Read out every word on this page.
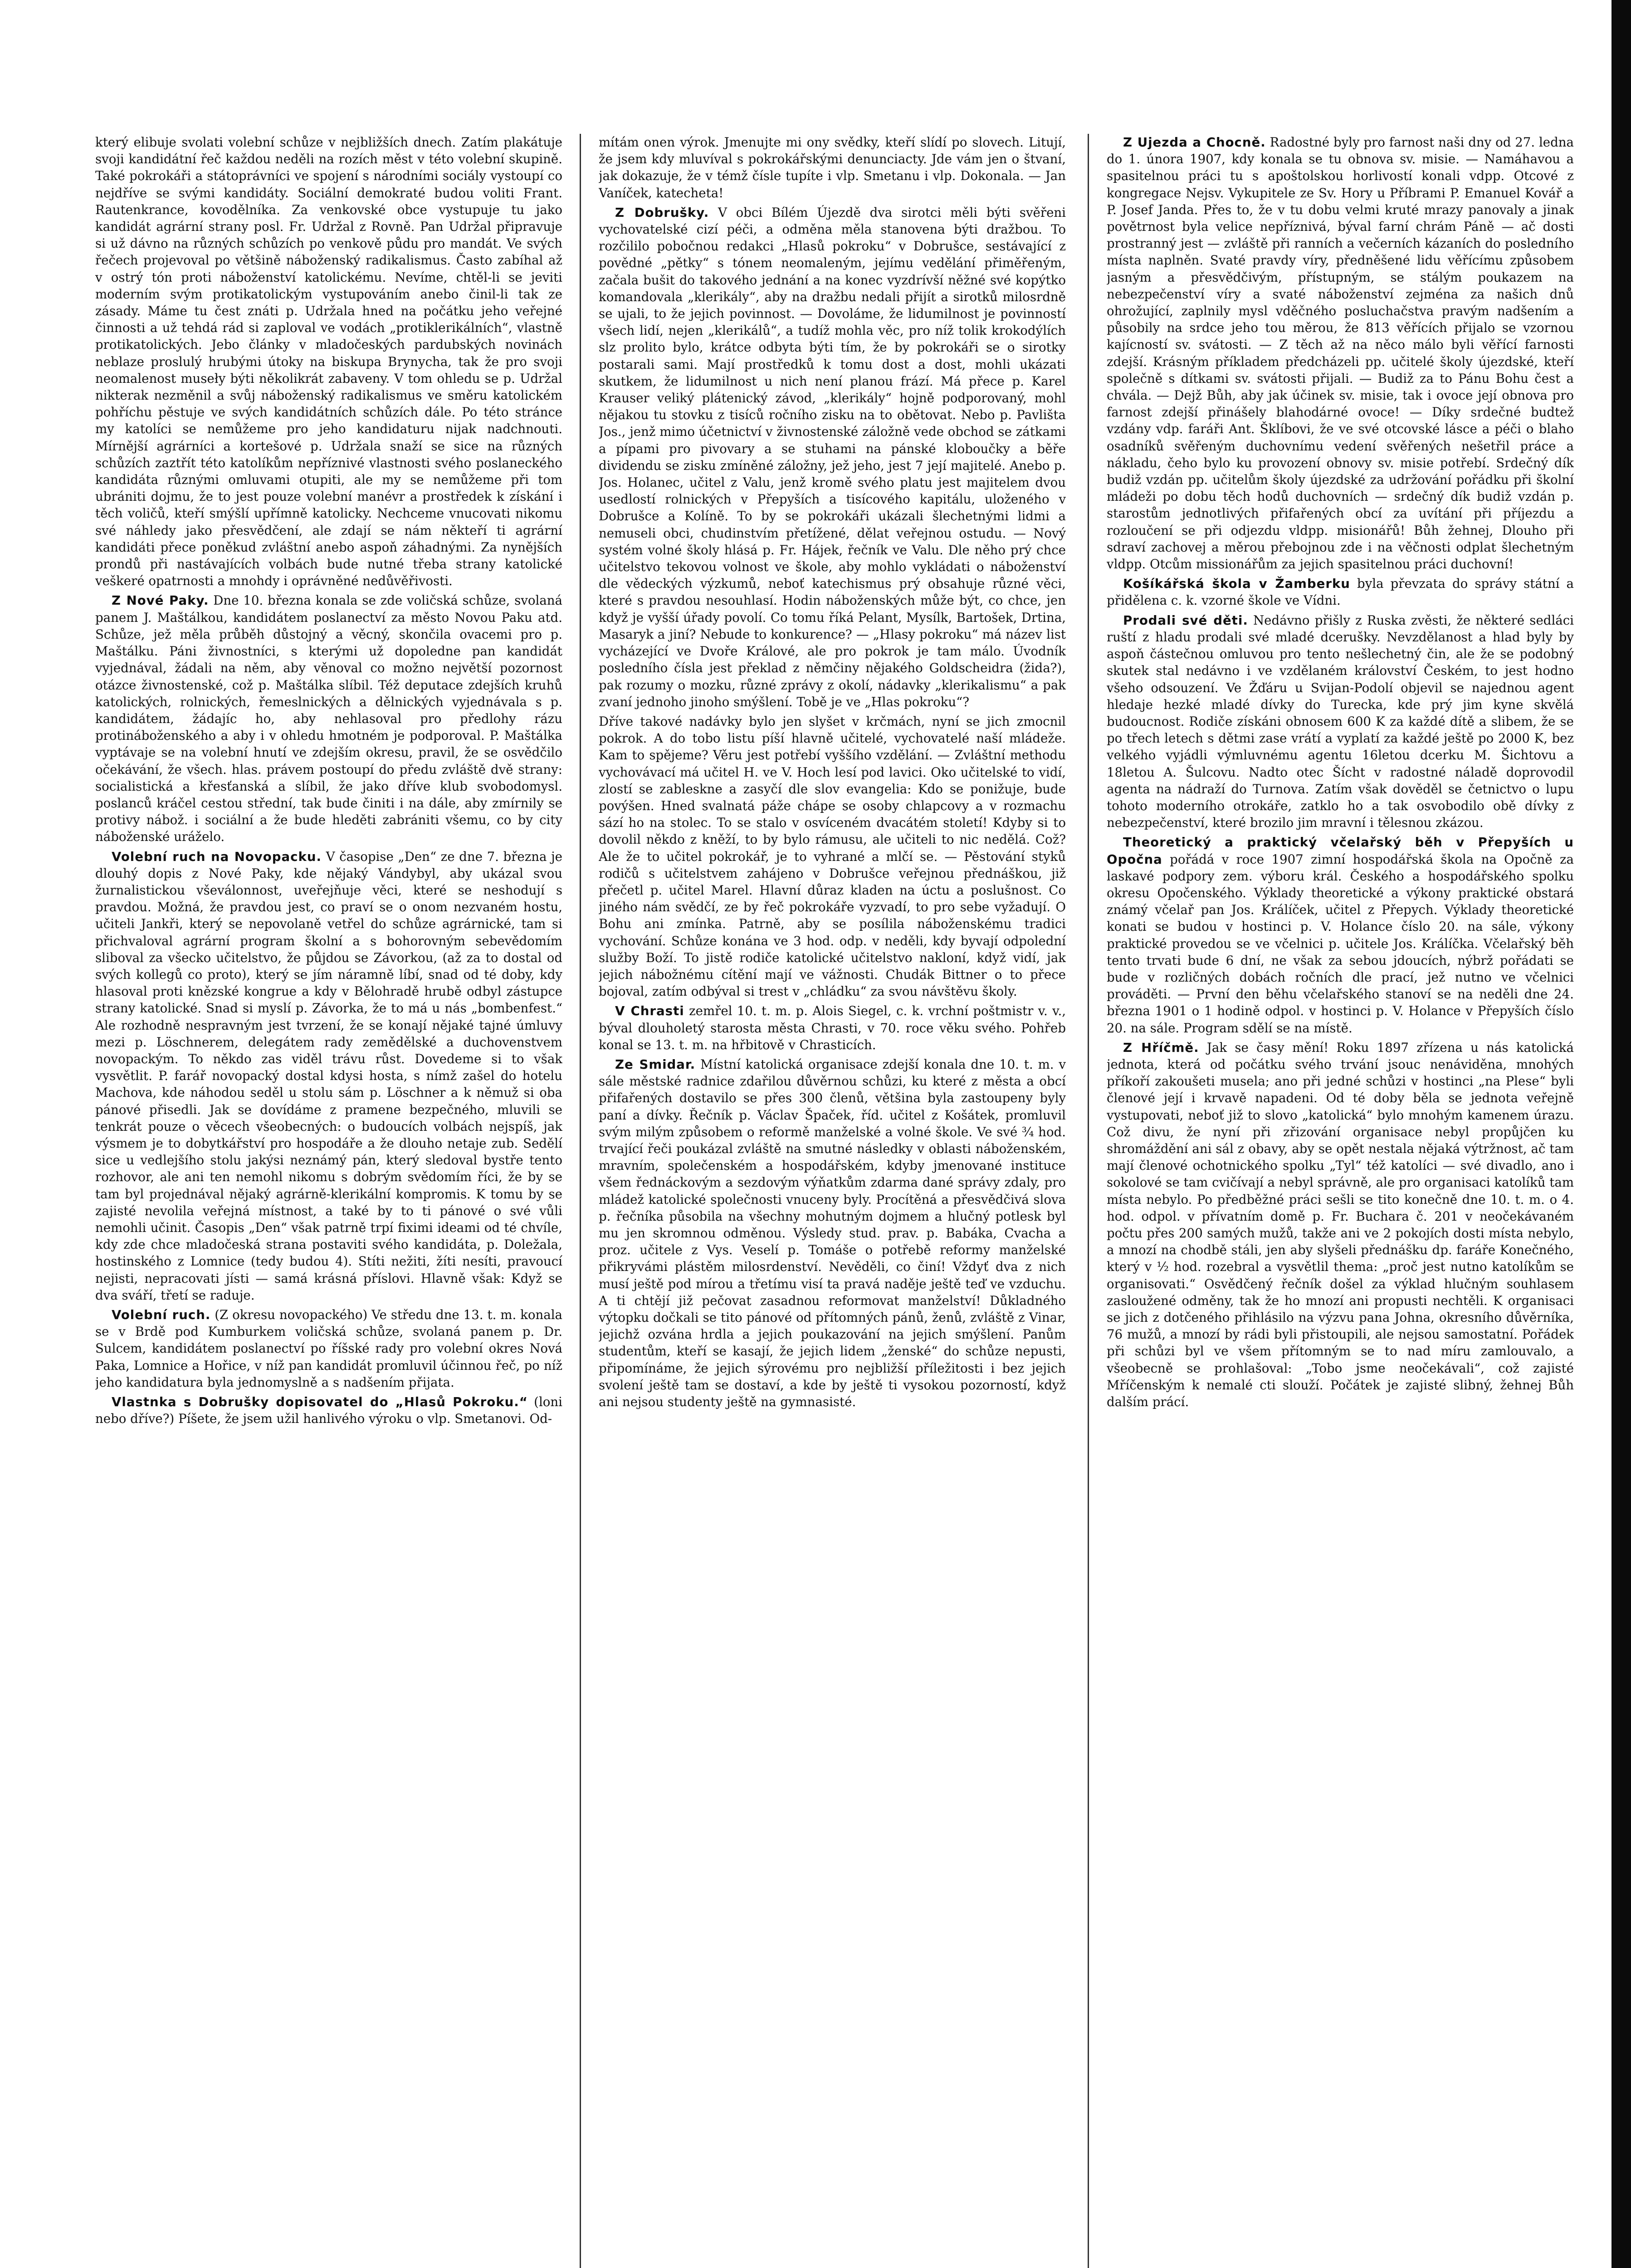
který elibuje svolati volební schůze v nejbližších dnech. Zatím plakátuje svoji kandidátní řeč každou neděli na rozích měst v této volební skupině. Také pokrokáři a státoprávníci ve spojení s národními sociály vystoupí co nejdříve se svými kandidáty. Sociální demokraté budou voliti Frant. Rautenkrance, kovodělníka. Za venkovské obce vystupuje tu jako kandidát agrární strany posl. Fr. Udržal z Rovně. Pan Udržal připravuje si už dávno na různých schůzích po venkově půdu pro mandát. Ve svých řečech projevoval po většině náboženský radikalismus. Často zabíhal až v ostrý tón proti náboženství katolickému. Nevíme, chtěl-li se jeviti moderním svým protikatolickým vystupováním anebo činil-li tak ze zásady. Máme tu čest znáti p. Udržala hned na počátku jeho veřejné činnosti a už tehdá rád si zaploval ve vodách „protiklerikálních“, vlastně protikatolických. Jebo články v mladočeských pardubských novinách neblaze proslulý hrubými útoky na biskupa Brynycha, tak že pro svoji neomalenost museły býti několikrát zabaveny. V tom ohledu se p. Udržal nikterak nezměnil a svůj náboženský radikalismus ve směru katolickém pohříchu pěstuje ve svých kandidátních schůzích dále. Po této stránce my katolíci se nemůžeme pro jeho kandidaturu nijak nadchnouti. Mírnější agrárníci a kortešové p. Udržala snaží se sice na různých schůzích zaztřít této katolíkům nepříznivé vlastnosti svého poslaneckého kandidáta různými omluvami otupiti, ale my se nemůžeme při tom ubrániti dojmu, že to jest pouze volební manévr a prostředek k získání i těch voličů, kteří smýšlí upřímně katolicky. Nechceme vnucovati nikomu své náhledy jako přesvědčení, ale zdají se nám někteří ti agrární kandidáti přece poněkud zvláštní anebo aspoň záhadnými. Za nynějších prondů při nastávajících volbách bude nutné třeba strany katolické veškeré opatrnosti a mnohdy i oprávněné nedůvěřivosti.

Z Nové Paky. Dne 10. března konala se zde voličská schůze, svolaná panem J. Maštálkou, kandidátem poslanectví za město Novou Paku atd. Schůze, jež měla průběh důstojný a věcný, skončila ovacemi pro p. Maštálku. Páni živnostníci, s kterými už dopoledne pan kandidát vyjednával, žádali na něm, aby věnoval co možno největší pozornost otázce živnostenské, což p. Maštálka slíbil. Též deputace zdejších kruhů katolických, rolnických, řemeslnických a dělnických vyjednávala s p. kandidátem, žádajíc ho, aby nehlasoval pro předlohy rázu protináboženského a aby i v ohledu hmotném je podporoval. P. Maštálka vyptávaje se na volební hnutí ve zdejším okresu, pravil, že se osvědčilo očekávání, že všech. hlas. právem postoupí do předu zvláště dvě strany: socialistická a křesťanská a slíbil, že jako dříve klub svobodomysl. poslanců kráčel cestou střední, tak bude činiti i na dále, aby zmírnily se protivy nábož. i sociální a že bude hleděti zabrániti všemu, co by city náboženské uráželo.

Volební ruch na Novopacku. V časopise „Den“ ze dne 7. března je dlouhý dopis z Nové Paky, kde nějaký Vándybyl, aby ukázal svou žurnalistickou vševálonnost, uveřejňuje věci, které se neshodují s pravdou. Možná, že pravdou jest, co praví se o onom nezvaném hostu, učiteli Jankři, který se nepovolaně vetřel do schůze agrárnické, tam si přichvaloval agrární program školní a s bohorovným sebevědomím sliboval za všecko učitelstvo, že půjdou se Závorkou, (až za to dostal od svých kollegů co proto), který se jím náramně líbí, snad od té doby, kdy hlasoval proti knězské kongrue a kdy v Bělohradě hrubě odbyl zástupce strany katolické. Snad si myslí p. Závorka, že to má u nás „bombenfest.“ Ale rozhodně nespravným jest tvrzení, že se konají nějaké tajné úmluvy mezi p. Löschnerem, delegátem rady zemědělské a duchovenstvem novopackým. To někdo zas viděl trávu růst. Dovedeme si to však vysvětlit. P. farář novopacký dostal kdysi hosta, s nímž zašel do hotelu Machova, kde náhodou seděl u stolu sám p. Löschner a k němuž si oba pánové přisedli. Jak se dovídáme z pramene bezpečného, mluvili se tenkrát pouze o věcech všeobecných: o budoucích volbách nejspíš, jak výsmem je to dobytkářství pro hospodáře a že dlouho netaje zub. Sedělí sice u vedlejšího stolu jakýsi neznámý pán, který sledoval bystře tento rozhovor, ale ani ten nemohl nikomu s dobrým svědomím říci, že by se tam byl projednával nějaký agrárně-klerikální kompromis. K tomu by se zajisté nevolila veřejná místnost, a také by to ti pánové o své vůli nemohli učinit. Časopis „Den“ však patrně trpí fiximi ideami od té chvíle, kdy zde chce mladočeská strana postaviti svého kandidáta, p. Doležala, hostinského z Lomnice (tedy budou 4). Stíti nežiti, žíti nesíti, pravoucí nejisti, nepracovati jísti — samá krásná příslovi. Hlavně však: Když se dva sváří, třetí se raduje.

Volební ruch. (Z okresu novopackého) Ve středu dne 13. t. m. konala se v Brdě pod Kumburkem voličská schůze, svolaná panem p. Dr. Sulcem, kandidátem poslanectví po říšské rady pro volební okres Nová Paka, Lomnice a Hořice, v níž pan kandidát promluvil účinnou řeč, po níž jeho kandidatura byla jednomyslně a s nadšením přijata.

Vlastnka s Dobrušky dopisovatel do „Hlasů Pokroku.“ (loni nebo dříve?) Píšete, že jsem užil hanlivého výroku o vlp. Smetanovi. Od-

mítám onen výrok. Jmenujte mi ony svědky, kteří slídí po slovech. Litují, že jsem kdy mluvíval s pokrokářskými denunciacty. Jde vám jen o štvaní, jak dokazuje, že v témž čísle tupíte i vlp. Smetanu i vlp. Dokonala. — Jan Vaníček, katecheta!

Z Dobrušky. V obci Bílém Újezdě dva sirotci měli býti svěřeni vychovatelské cizí péči, a odměna měla stanovena býti dražbou. To rozčililo pobočnou redakci „Hlasů pokroku“ v Dobrušce, sestávající z povědné „pětky“ s tónem neomaleným, jejímu vedělání přiměřeným, začala bušit do takového jednání a na konec vyzdrívší něžné své kopýtko komandovala „klerikály“, aby na dražbu nedali přijít a sirotků milosrdně se ujali, to že jejich povinnost. — Dovoláme, že lidumilnost je povinností všech lidí, nejen „klerikálů“, a tudíž mohla věc, pro níž tolik krokodýlích slz prolito bylo, krátce odbyta býti tím, že by pokrokáři se o sirotky postarali sami. Mají prostředků k tomu dost a dost, mohli ukázati skutkem, že lidumilnost u nich není planou frází. Má přece p. Karel Krauser veliký plátenický závod, „klerikály“ hojně podporovaný, mohl nějakou tu stovku z tisíců ročního zisku na to obětovat. Nebo p. Pavlišta Jos., jenž mimo účetnictví v živnostenské záložně vede obchod se zátkami a pípami pro pivovary a se stuhami na pánské kloboučky a běře dividendu se zisku zmíněné záložny, jež jeho, jest 7 její majitelé. Anebo p. Jos. Holanec, učitel z Valu, jenž kromě svého platu jest majitelem dvou usedlostí rolnických v Přepyších a tisícového kapitálu, uloženého v Dobrušce a Kolíně. To by se pokrokáři ukázali šlechetnými lidmi a nemuseli obci, chudinstvím přetížené, dělat veřejnou ostudu. — Nový systém volné školy hlásá p. Fr. Hájek, řečník ve Valu. Dle něho prý chce učitelstvo tekovou volnost ve škole, aby mohlo vykládati o náboženství dle vědeckých výzkumů, neboť katechismus prý obsahuje různé věci, které s pravdou nesouhlasí. Hodin náboženských může být, co chce, jen když je vyšší úřady povolí. Co tomu říká Pelant, Mysílk, Bartošek, Drtina, Masaryk a jiní? Nebude to konkurence? — „Hlasy pokroku“ má název list vycházející ve Dvoře Králové, ale pro pokrok je tam málo. Úvodník posledního čísla jest překlad z němčiny nějakého Goldscheidra (žida?), pak rozumy o mozku, různé zprávy z okolí, nádavky „klerikalismu“ a pak zvaní jednoho jinoho smýšlení. Tobě je ve „Hlas pokroku“?

Dříve takové nadávky bylo jen slyšet v krčmách, nyní se jich zmocnil pokrok. A do tobo listu píší hlavně učitelé, vychovatelé naší mládeže. Kam to spějeme? Věru jest potřebí vyššího vzdělání. — Zvláštní methodu vychovávací má učitel H. ve V. Hoch lesí pod lavici. Oko učitelské to vidí, zlostí se zableskne a zasyčí dle slov evangelia: Kdo se ponižuje, bude povýšen. Hned svalnatá páže chápe se osoby chlapcovy a v rozmachu sází ho na stolec. To se stalo v osvíceném dvacátém století! Kdyby si to dovolil někdo z kněží, to by bylo rámusu, ale učiteli to nic nedělá. Což? Ale že to učitel pokrokář, je to vyhrané a mlčí se. — Pěstování styků rodičů s učitelstvem zahájeno v Dobrušce veřejnou přednáškou, již přečetl p. učitel Marel. Hlavní důraz kladen na úctu a poslušnost. Co jiného nám svědčí, ze by řeč pokrokáře vyzvadí, to pro sebe vyžadují. O Bohu ani zmínka. Patrně, aby se posílila náboženskému tradici vychování. Schůze konána ve 3 hod. odp. v neděli, kdy byvají odpolední služby Boží. To jistě rodiče katolické učitelstvo nakloní, když vidí, jak jejich nábožnému cítění mají ve vážnosti. Chudák Bittner o to přece bojoval, zatím odbýval si trest v „chládku“ za svou návštěvu školy.

V Chrasti zemřel 10. t. m. p. Alois Siegel, c. k. vrchní poštmistr v. v., býval dlouholetý starosta města Chrasti, v 70. roce věku svého. Pohřeb konal se 13. t. m. na hřbitově v Chrasticích.

Ze Smidar. Místní katolická organisace zdejší konala dne 10. t. m. v sále městské radnice zdařilou důvěrnou schůzi, ku které z města a obcí přifařených dostavilo se přes 300 členů, většina byla zastoupeny byly paní a dívky. Řečník p. Václav Špaček, říd. učitel z Košátek, promluvil svým milým způsobem o reformě manželské a volné škole. Ve své ¾ hod. trvající řeči poukázal zvláště na smutné následky v oblasti náboženském, mravním, společenském a hospodářském, kdyby jmenované instituce všem řednáckovým a sezdovým výňatkům zdarma dané správy zdaly, pro mládež katolické společnosti vnuceny byly. Procítěná a přesvědčivá slova p. řečníka působila na všechny mohutným dojmem a hlučný potlesk byl mu jen skromnou odměnou. Výsledy stud. prav. p. Babáka, Cvacha a proz. učitele z Vys. Veselí p. Tomáše o potřebě reformy manželské přikryvámi plástěm milosrdenství. Nevěděli, co činí! Vždyť dva z nich musí ještě pod mírou a třetímu visí ta pravá naděje ještě teď ve vzduchu. A ti chtějí již pečovat zasadnou reformovat manželství! Důkladného výtopku dočkali se tito pánové od přítomných pánů, ženů, zvláště z Vinar, jejichž ozvána hrdla a jejich poukazování na jejich smýšlení. Panům studentům, kteří se kasají, že jejich lidem „ženské“ do schůze nepusti, připomínáme, že jejich sýrovému pro nejbližší příležitosti i bez jejich svolení ještě tam se dostaví, a kde by ještě ti vysokou pozorností, když ani nejsou studenty ještě na gymnasisté.

Z Ujezda a Chocně. Radostné byly pro farnost naši dny od 27. ledna do 1. února 1907, kdy konala se tu obnova sv. misie. — Namáhavou a spasitelnou práci tu s apoštolskou horlivostí konali vdpp. Otcové z kongregace Nejsv. Vykupitele ze Sv. Hory u Příbrami P. Emanuel Kovář a P. Josef Janda. Přes to, že v tu dobu velmi kruté mrazy panovaly a jinak povětrnost byla velice nepříznivá, býval farní chrám Páně — ač dosti prostranný jest — zvláště při ranních a večerních kázaních do posledního místa naplněn. Svaté pravdy víry, předněšené lidu věřícímu způsobem jasným a přesvědčivým, přístupným, se stálým poukazem na nebezpečenství víry a svaté náboženství zejména za našich dnů ohrožující, zaplnily mysl vděčného posluchačstva pravým nadšením a působily na srdce jeho tou měrou, že 813 věřících přijalo se vzornou kajícností sv. svátosti. — Z těch až na něco málo byli věřící farnosti zdejší. Krásným příkladem předcházeli pp. učitelé školy újezdské, kteří společně s dítkami sv. svátosti přijali. — Budiž za to Pánu Bohu čest a chvála. — Dejž Bůh, aby jak účinek sv. misie, tak i ovoce její obnova pro farnost zdejší přinášely blahodárné ovoce! — Díky srdečné budtež vzdány vdp. faráři Ant. Šklíbovi, že ve své otcovské lásce a péči o blaho osadníků svěřeným duchovnímu vedení svěřených nešetřil práce a nákladu, čeho bylo ku provození obnovy sv. misie potřebí. Srdečný dík budiž vzdán pp. učitelům školy újezdské za udržování pořádku při školní mládeži po dobu těch hodů duchovních — srdečný dík budiž vzdán p. starostům jednotlivých přifařených obcí za uvítání při příjezdu a rozloučení se při odjezdu vldpp. misionářů! Bůh žehnej, Dlouho při sdraví zachovej a měrou přebojnou zde i na věčnosti odplat šlechetným vldpp. Otcům missionářům za jejich spasitelnou práci duchovní!

Košíkářská škola v Žamberku byla převzata do správy státní a přidělena c. k. vzorné škole ve Vídni.

Prodali své děti. Nedávno přišly z Ruska zvěsti, že některé sedláci ruští z hladu prodali své mladé dcerušky. Nevzdělanost a hlad byly by aspoň částečnou omluvou pro tento nešlechetný čin, ale že se podobný skutek stal nedávno i ve vzdělaném království Českém, to jest hodno všeho odsouzení. Ve Žďáru u Svijan-Podolí objevil se najednou agent hledaje hezké mladé dívky do Turecka, kde prý jim kyne skvělá budoucnost. Rodiče získáni obnosem 600 K za každé dítě a slibem, že se po třech letech s dětmi zase vrátí a vyplatí za každé ještě po 2000 K, bez velkého vyjádli výmluvnému agentu 16letou dcerku M. Šichtovu a 18letou A. Šulcovu. Nadto otec Šícht v radostné náladě doprovodil agenta na nádraží do Turnova. Zatím však dověděl se četnictvo o lupu tohoto moderního otrokáře, zatklo ho a tak osvobodilo obě dívky z nebezpečenství, které brozilo jim mravní i tělesnou zkázou.

Theoretický a praktický včelařský běh v Přepyších u Opočna pořádá v roce 1907 zimní hospodářská škola na Opočně za laskavé podpory zem. výboru král. Českého a hospodářského spolku okresu Opočenského. Výklady theoretické a výkony praktické obstará známý včelař pan Jos. Králíček, učitel z Přepych. Výklady theoretické konati se budou v hostinci p. V. Holance číslo 20. na sále, výkony praktické provedou se ve včelnici p. učitele Jos. Králíčka. Včelařský běh tento trvati bude 6 dní, ne však za sebou jdoucích, nýbrž pořádati se bude v rozličných dobách ročních dle prací, jež nutno ve včelnici prováděti. — První den běhu včelařského stanoví se na neděli dne 24. března 1901 o 1 hodině odpol. v hostinci p. V. Holance v Přepyších číslo 20. na sále. Program sdělí se na místě.

Z Hříčmě. Jak se časy mění! Roku 1897 zřízena u nás katolická jednota, která od počátku svého trvání jsouc nenáviděna, mnohých příkoří zakoušeti musela; ano při jedné schůzi v hostinci „na Plese“ byli členové její i krvavě napadeni. Od té doby běla se jednota veřejně vystupovati, neboť již to slovo „katolická“ bylo mnohým kamenem úrazu. Což divu, že nyní při zřizování organisace nebyl propůjčen ku shromáždění ani sál z obavy, aby se opět nestala nějaká výtržnost, ač tam mají členové ochotnického spolku „Tyl“ též katolíci — své divadlo, ano i sokolové se tam cvičívají a nebyl správně, ale pro organisaci katolíků tam místa nebylo. Po předběžné práci sešli se tito konečně dne 10. t. m. o 4. hod. odpol. v přívatním domě p. Fr. Buchara č. 201 v neočekávaném počtu přes 200 samých mužů, takže ani ve 2 pokojích dosti místa nebylo, a mnozí na chodbě stáli, jen aby slyšeli přednášku dp. faráře Konečného, který v ½ hod. rozebral a vysvětlil thema: „proč jest nutno katolíkům se organisovati.“ Osvědčený řečník došel za výklad hlučným souhlasem zasloužené odměny, tak že ho mnozí ani propusti nechtěli. K organisaci se jich z dotčeného přihlásilo na výzvu pana Johna, okresního důvěrníka, 76 mužů, a mnozí by rádi byli přistoupili, ale nejsou samostatní. Pořádek při schůzi byl ve všem přítomným se to nad míru zamlouvalo, a všeobecně se prohlašoval: „Tobo jsme neočekávali“, což zajisté Mříčenským k nemalé cti slouží. Počátek je zajisté slibný, žehnej Bůh dalším prácí.
